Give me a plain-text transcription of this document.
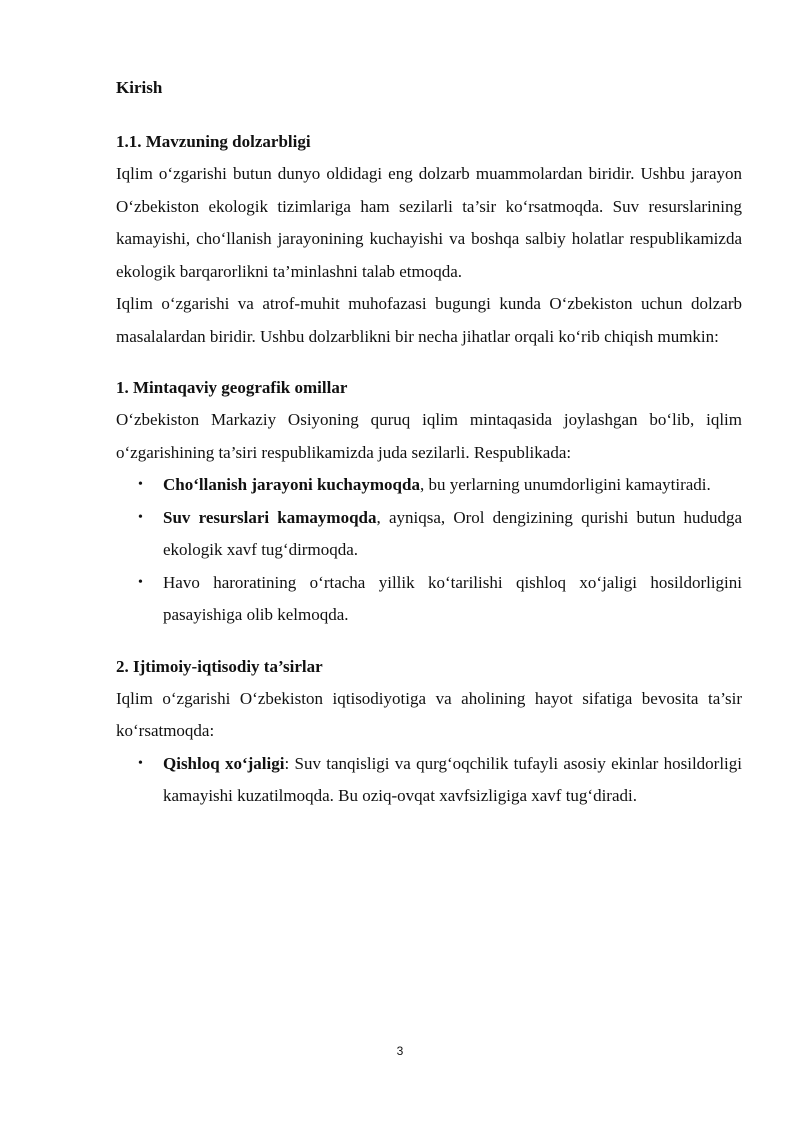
Kirish
1.1. Mavzuning dolzarbligi

Iqlim o‘zgarishi butun dunyo oldidagi eng dolzarb muammolardan biridir. Ushbu jarayon O‘zbekiston ekologik tizimlariga ham sezilarli ta’sir ko‘rsatmoqda. Suv resurslarining kamayishi, cho‘llanish jarayonining kuchayishi va boshqa salbiy holatlar respublikamizda ekologik barqarorlikni ta’minlashni talab etmoqda.

Iqlim o‘zgarishi va atrof-muhit muhofazasi bugungi kunda O‘zbekiston uchun dolzarb masalalardan biridir. Ushbu dolzarblikni bir necha jihatlar orqali ko‘rib chiqish mumkin:

1. Mintaqaviy geografik omillar

O‘zbekiston Markaziy Osiyoning quruq iqlim mintaqasida joylashgan bo‘lib, iqlim o‘zgarishining ta’siri respublikamizda juda sezilarli. Respublikada:

• Cho‘llanish jarayoni kuchaymoqda, bu yerlarning unumdorligini kamaytiradi.
• Suv resurslari kamaymoqda, ayniqsa, Orol dengizining qurishi butun hududga ekologik xavf tug‘dirmoqda.
• Havo haroratining o‘rtacha yillik ko‘tarilishi qishloq xo‘jaligi hosildorligini pasayishiga olib kelmoqda.
2. Ijtimoiy-iqtisodiy ta’sirlar

Iqlim o‘zgarishi O‘zbekiston iqtisodiyotiga va aholining hayot sifatiga bevosita ta’sir ko‘rsatmoqda:

• Qishloq xo‘jaligi: Suv tanqisligi va qurg‘oqchilik tufayli asosiy ekinlar hosildorligi kamayishi kuzatilmoqda. Bu oziq-ovqat xavfsizligiga xavf tug‘diradi.
3
